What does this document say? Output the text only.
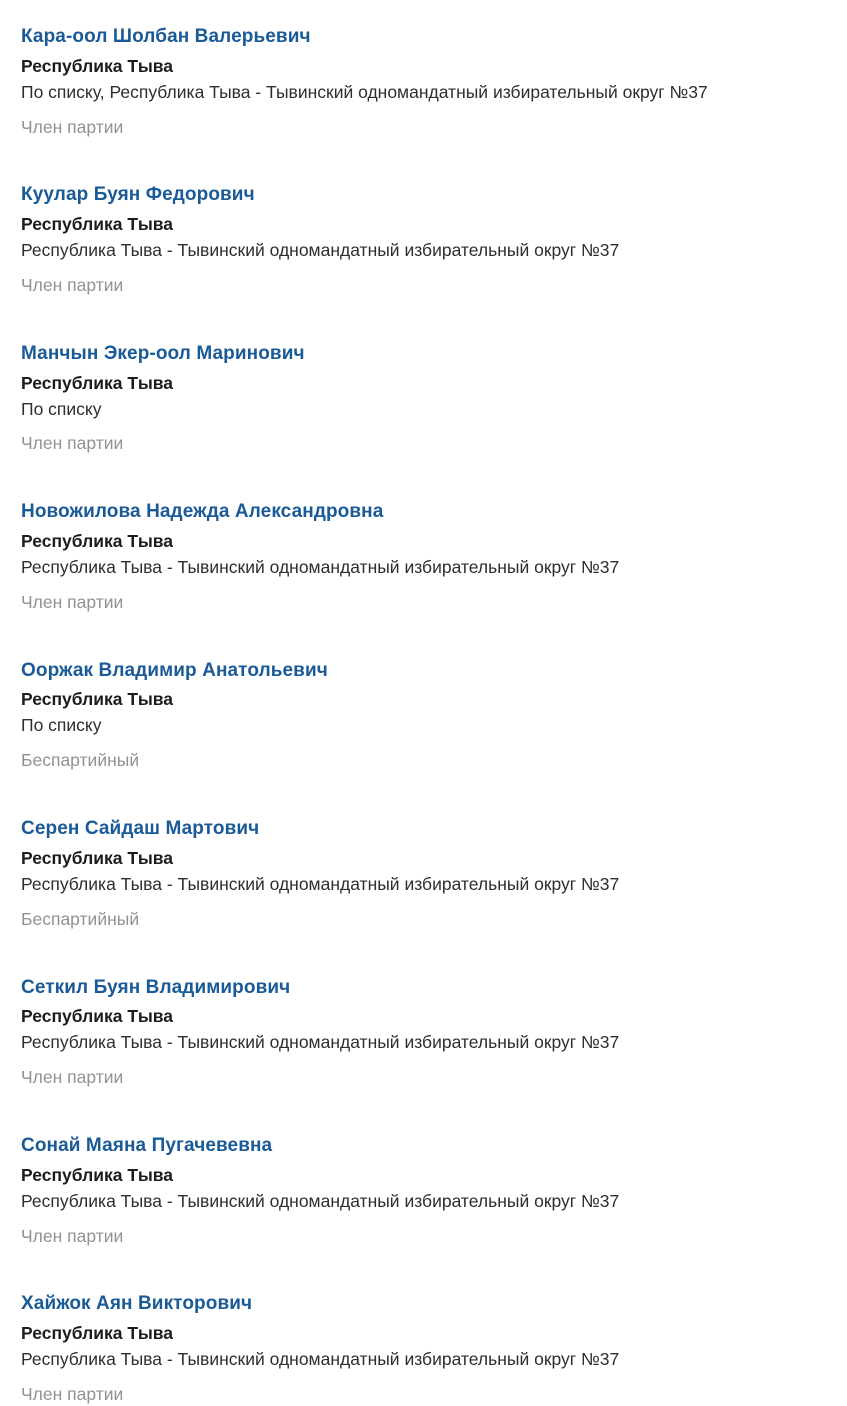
Кара-оол Шолбан Валерьевич
Республика Тыва
По списку, Республика Тыва - Тывинский одномандатный избирательный округ №37
Член партии
Куулар Буян Федорович
Республика Тыва
Республика Тыва - Тывинский одномандатный избирательный округ №37
Член партии
Манчын Экер-оол Маринович
Республика Тыва
По списку
Член партии
Новожилова Надежда Александровна
Республика Тыва
Республика Тыва - Тывинский одномандатный избирательный округ №37
Член партии
Ооржак Владимир Анатольевич
Республика Тыва
По списку
Беспартийный
Серен Сайдаш Мартович
Республика Тыва
Республика Тыва - Тывинский одномандатный избирательный округ №37
Беспартийный
Сеткил Буян Владимирович
Республика Тыва
Республика Тыва - Тывинский одномандатный избирательный округ №37
Член партии
Сонай Маяна Пугачевевна
Республика Тыва
Республика Тыва - Тывинский одномандатный избирательный округ №37
Член партии
Хайжок Аян Викторович
Республика Тыва
Республика Тыва - Тывинский одномандатный избирательный округ №37
Член партии
